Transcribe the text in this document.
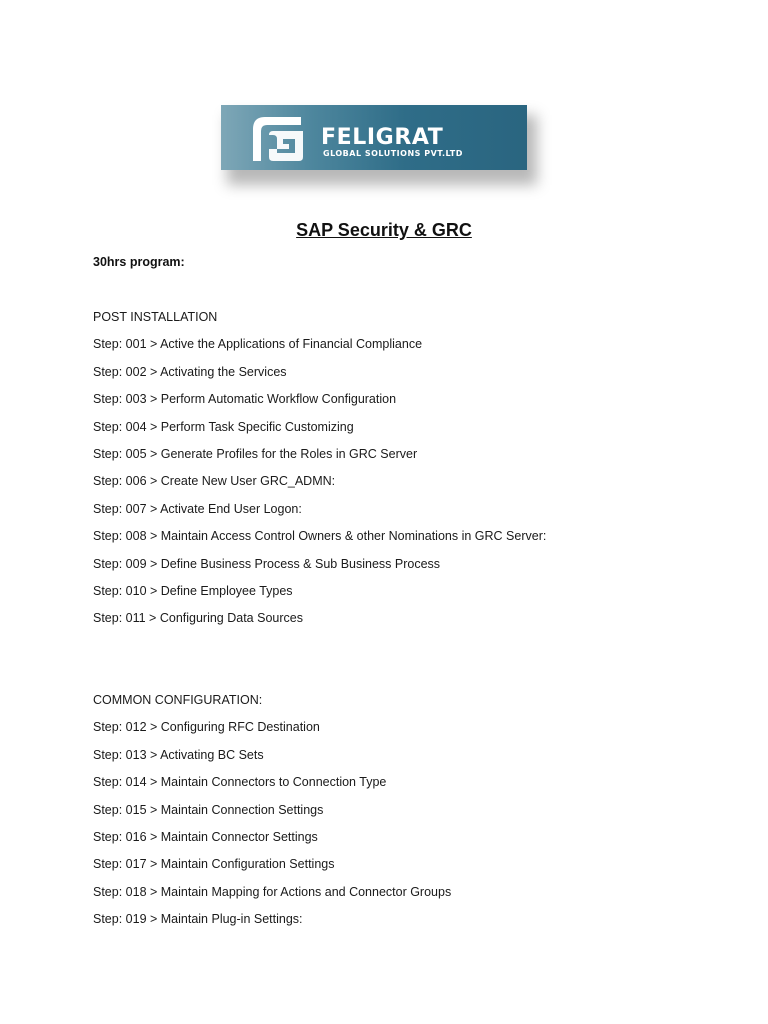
FELIGRAT
GLOBAL SOLUTIONS PVT.LTD
SAP Security & GRC
30hrs program:
POST INSTALLATION
Step: 001 > Active the Applications of Financial Compliance
Step: 002 > Activating the Services
Step: 003 > Perform Automatic Workflow Configuration
Step: 004 > Perform Task Specific Customizing
Step: 005 > Generate Profiles for the Roles in GRC Server
Step: 006 > Create New User GRC_ADMN:
Step: 007 > Activate End User Logon:
Step: 008 > Maintain Access Control Owners & other Nominations in GRC Server:
Step: 009 > Define Business Process & Sub Business Process
Step: 010 > Define Employee Types
Step: 011 > Configuring Data Sources
COMMON CONFIGURATION:
Step: 012 > Configuring RFC Destination
Step: 013 > Activating BC Sets
Step: 014 > Maintain Connectors to Connection Type
Step: 015 > Maintain Connection Settings
Step: 016 > Maintain Connector Settings
Step: 017 > Maintain Configuration Settings
Step: 018 > Maintain Mapping for Actions and Connector Groups
Step: 019 > Maintain Plug-in Settings:
